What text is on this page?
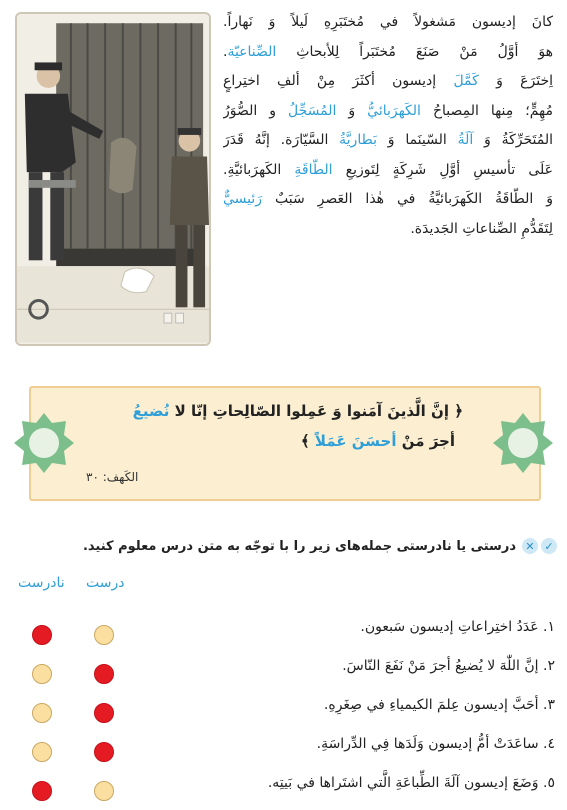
كانَ إديسون مَشغولاً في مُختَبَرِهِ لَيلاً وَ نَهاراً.
هوَ أوَّلُ مَنْ صَنَعَ مُختَبَراً لِلأبحاثِ الصِّناعيّة.
اِختَرَعَ وَ كَمَّلَ إديسون أكثَرَ مِنْ ألفِ اختِراعٍ
مُهِمٍّ؛ مِنها المِصباحُ الكَهرَبائيُّ وَ المُسَجِّلُ و الصُّوَرُ
المُتَحَرِّكَةُ وَ آلَةُ السّينَما وَ بَطاريَّةُ السَّيّارَة. إنَّهُ قَدَرَ
عَلَى تأسيسِ أوَّلِ شَرِكَةٍ لِتَوزيعِ الطّاقَةِ الكَهرَبائيَّةِ.
وَ الطّاقَةُ الكَهرَبائيَّةُ في هٰذا العَصرِ سَبَبٌ رَئيسيٌّ
لِتَقَدُّمِ الصِّناعاتِ الجَديدَة.
﴿ إنَّ الَّذينَ آمَنوا وَ عَمِلوا الصّالِحاتِ إنّا لا نُضيعُ
أجرَ مَنْ أحسَنَ عَمَلاً ﴾
الكَهف: ٣٠
✓
✕
درستی یا نادرستی جمله‌های زیر را با توجّه به متن درس معلوم کنید.
درست
نادرست
١. عَدَدُ اختِراعاتِ إديسون سَبعون.
٢. إنَّ اللّٰهَ لا يُضيعُ أجرَ مَنْ نَفَعَ النّاسَ.
٣. أحَبَّ إديسون عِلمَ الكيمياءِ في صِغَرِهِ.
٤. ساعَدَتْ أمُّ إديسون وَلَدَها فِي الدِّراسَةِ.
٥. وَضَعَ إديسون آلَةَ الطِّباعَةِ الَّتي اشتَراها في بَيتِه.
